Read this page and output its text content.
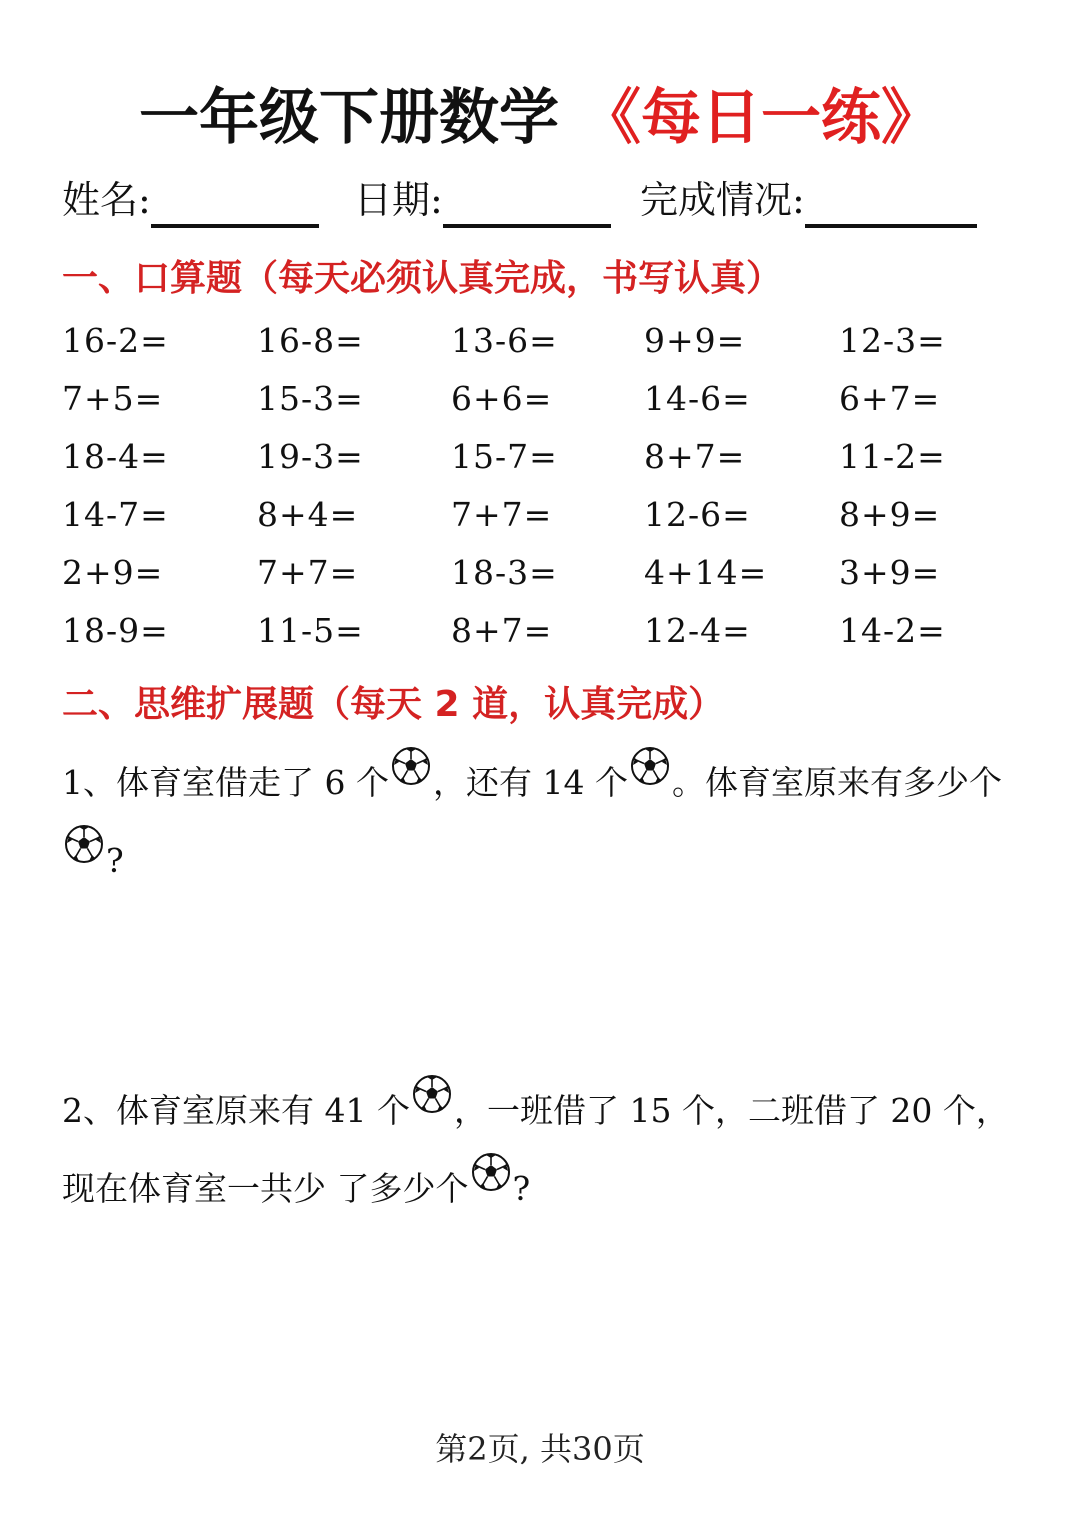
一年级下册数学 《每日一练》
姓名:	日期:	完成情况:
一、口算题（每天必须认真完成，书写认真）
16-2=	16-8=	13-6=	9+9=	12-3=
7+5=	15-3=	6+6=	14-6=	6+7=
18-4=	19-3=	15-7=	8+7=	11-2=
14-7=	8+4=	7+7=	12-6=	8+9=
2+9=	7+7=	18-3=	4+14= 3+9=
18-9=	11-5=	8+7=	12-4=	14-2=
二、思维扩展题（每天 2 道，认真完成）
1、体育室借走了 6 个 ，还有 14 个 。体育室原来有多少个
?
2、体育室原来有 41 个 ，一班借了 15 个，二班借了 20 个，现在体育室一共少 了多少个 ?
第2页, 共30页
